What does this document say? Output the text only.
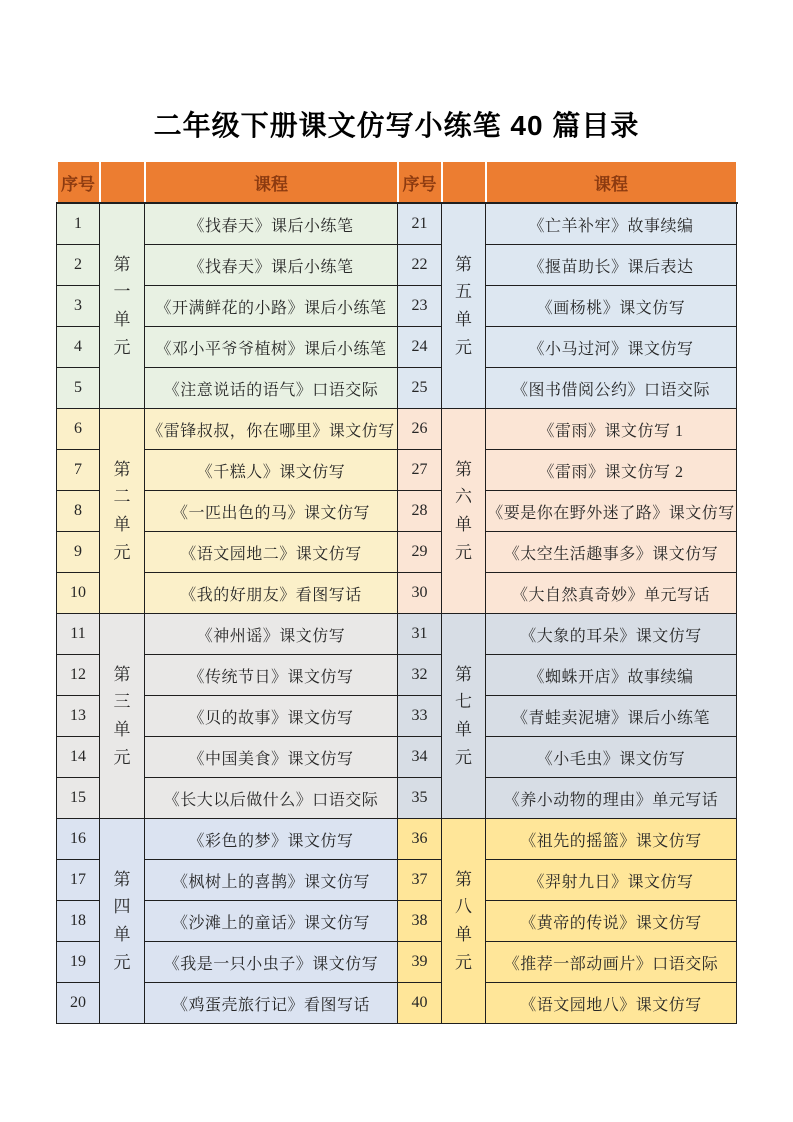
二年级下册课文仿写小练笔 40 篇目录
序号		课程	序号		课程
1	第一单元	《找春天》课后小练笔	21	第五单元	《亡羊补牢》故事续编
2		《找春天》课后小练笔	22		《揠苗助长》课后表达
3		《开满鲜花的小路》课后小练笔	23		《画杨桃》课文仿写
4		《邓小平爷爷植树》课后小练笔	24		《小马过河》课文仿写
5		《注意说话的语气》口语交际	25		《图书借阅公约》口语交际
6	第二单元	《雷锋叔叔，你在哪里》课文仿写	26	第六单元	《雷雨》课文仿写 1
7		《千糕人》课文仿写	27		《雷雨》课文仿写 2
8		《一匹出色的马》课文仿写	28		《要是你在野外迷了路》课文仿写
9		《语文园地二》课文仿写	29		《太空生活趣事多》课文仿写
10		《我的好朋友》看图写话	30		《大自然真奇妙》单元写话
11	第三单元	《神州谣》课文仿写	31	第七单元	《大象的耳朵》课文仿写
12		《传统节日》课文仿写	32		《蜘蛛开店》故事续编
13		《贝的故事》课文仿写	33		《青蛙卖泥塘》课后小练笔
14		《中国美食》课文仿写	34		《小毛虫》课文仿写
15		《长大以后做什么》口语交际	35		《养小动物的理由》单元写话
16	第四单元	《彩色的梦》课文仿写	36	第八单元	《祖先的摇篮》课文仿写
17		《枫树上的喜鹊》课文仿写	37		《羿射九日》课文仿写
18		《沙滩上的童话》课文仿写	38		《黄帝的传说》课文仿写
19		《我是一只小虫子》课文仿写	39		《推荐一部动画片》口语交际
20		《鸡蛋壳旅行记》看图写话	40		《语文园地八》课文仿写
